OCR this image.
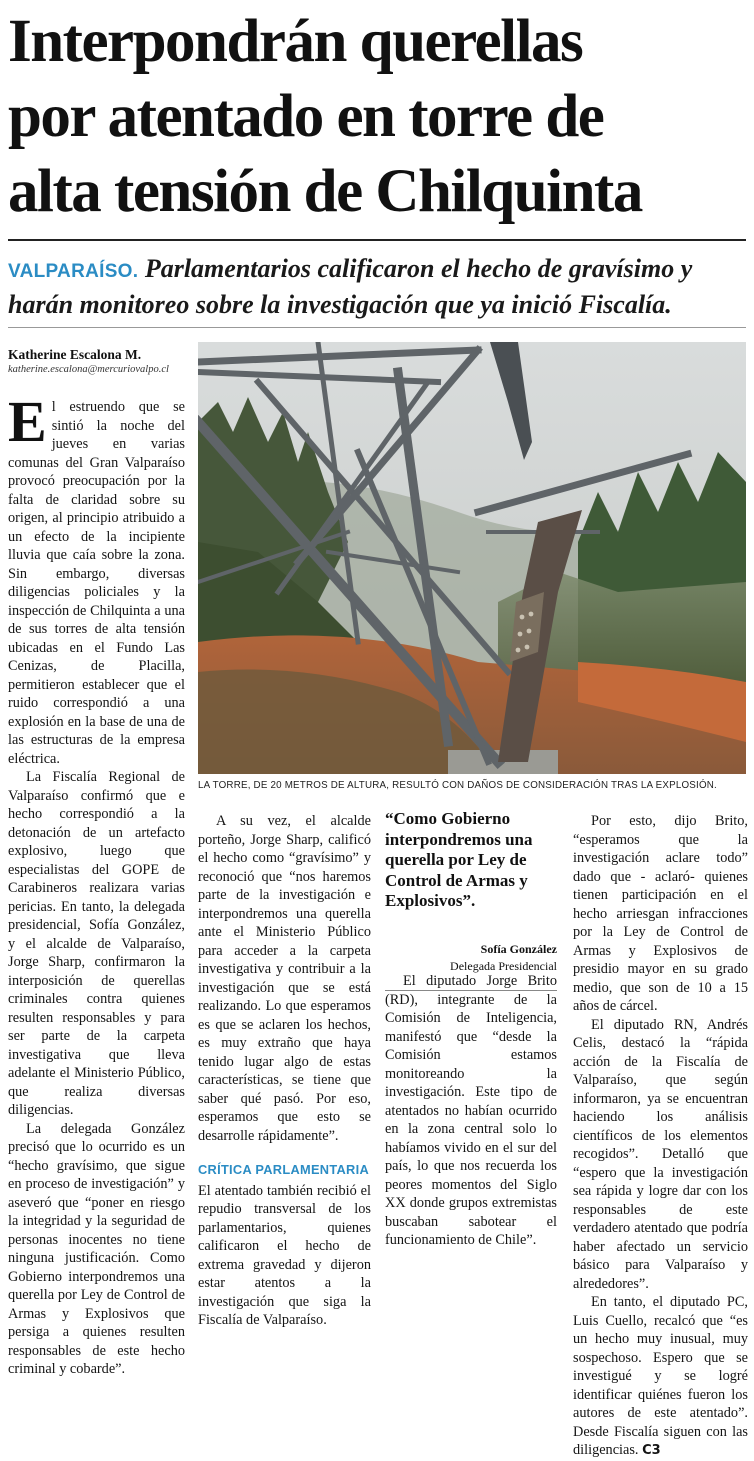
Interpondrán querellas
por atentado en torre de
alta tensión de Chilquinta
VALPARAÍSO. Parlamentarios calificaron el hecho de gravísimo y harán monitoreo sobre la investigación que ya inició Fiscalía.
Katherine Escalona M.
katherine.escalona@mercuriovalpo.cl
LA TORRE, DE 20 METROS DE ALTURA, RESULTÓ CON DAÑOS DE CONSIDERACIÓN TRAS LA EXPLOSIÓN.

El estruendo que se sintió la noche del jueves en varias comunas del Gran Valparaíso provocó preocupación por la falta de claridad sobre su origen, al principio atribuido a un efecto de la incipiente lluvia que caía sobre la zona. Sin embargo, diversas diligencias policiales y la inspección de Chilquinta a una de sus torres de alta tensión ubicadas en el Fundo Las Cenizas, de Placilla, permitieron establecer que el ruido correspondió a una explosión en la base de una de las estructuras de la empresa eléctrica.

La Fiscalía Regional de Valparaíso confirmó que e hecho correspondió a la detonación de un artefacto explosivo, luego que especialistas del GOPE de Carabineros realizara varias pericias. En tanto, la delegada presidencial, Sofía González, y el alcalde de Valparaíso, Jorge Sharp, confirmaron la interposición de querellas criminales contra quienes resulten responsables y para ser parte de la carpeta investigativa que lleva adelante el Ministerio Público, que realiza diversas diligencias.

La delegada González precisó que lo ocurrido es un “hecho gravísimo, que sigue en proceso de investigación” y aseveró que “poner en riesgo la integridad y la seguridad de personas inocentes no tiene ninguna justificación. Como Gobierno interpondremos una querella por Ley de Control de Armas y Explosivos que persiga a quienes resulten responsables de este hecho criminal y cobarde”.

A su vez, el alcalde porteño, Jorge Sharp, calificó el hecho como “gravísimo” y reconoció que “nos haremos parte de la investigación e interpondremos una querella ante el Ministerio Público para acceder a la carpeta investigativa y contribuir a la investigación que se está realizando. Lo que esperamos es que se aclaren los hechos, es muy extraño que haya tenido lugar algo de estas características, se tiene que saber qué pasó. Por eso, esperamos que esto se desarrolle rápidamente”.

CRÍTICA PARLAMENTARIA

El atentado también recibió el repudio transversal de los parlamentarios, quienes calificaron el hecho de extrema gravedad y dijeron estar atentos a la investigación que siga la Fiscalía de Valparaíso.

“Como Gobierno interpondremos una querella por Ley de Control de Armas y Explosivos”.
Sofía González
Delegada Presidencial

El diputado Jorge Brito (RD), integrante de la Comisión de Inteligencia, manifestó que “desde la Comisión estamos monitoreando la investigación. Este tipo de atentados no habían ocurrido en la zona central solo lo habíamos vivido en el sur del país, lo que nos recuerda los peores momentos del Siglo XX donde grupos extremistas buscaban sabotear el funcionamiento de Chile”.

Por esto, dijo Brito, “esperamos que la investigación aclare todo” dado que - aclaró- quienes tienen participación en el hecho arriesgan infracciones por la Ley de Control de Armas y Explosivos de presidio mayor en su grado medio, que son de 10 a 15 años de cárcel.

El diputado RN, Andrés Celis, destacó la “rápida acción de la Fiscalía de Valparaíso, que según informaron, ya se encuentran haciendo los análisis científicos de los elementos recogidos”. Detalló que “espero que la investigación sea rápida y logre dar con los responsables de este verdadero atentado que podría haber afectado un servicio básico para Valparaíso y alrededores”.

En tanto, el diputado PC, Luis Cuello, recalcó que “es un hecho muy inusual, muy sospechoso. Espero que se investigué y se logré identificar quiénes fueron los autores de este atentado”. Desde Fiscalía siguen con las diligencias. C3
